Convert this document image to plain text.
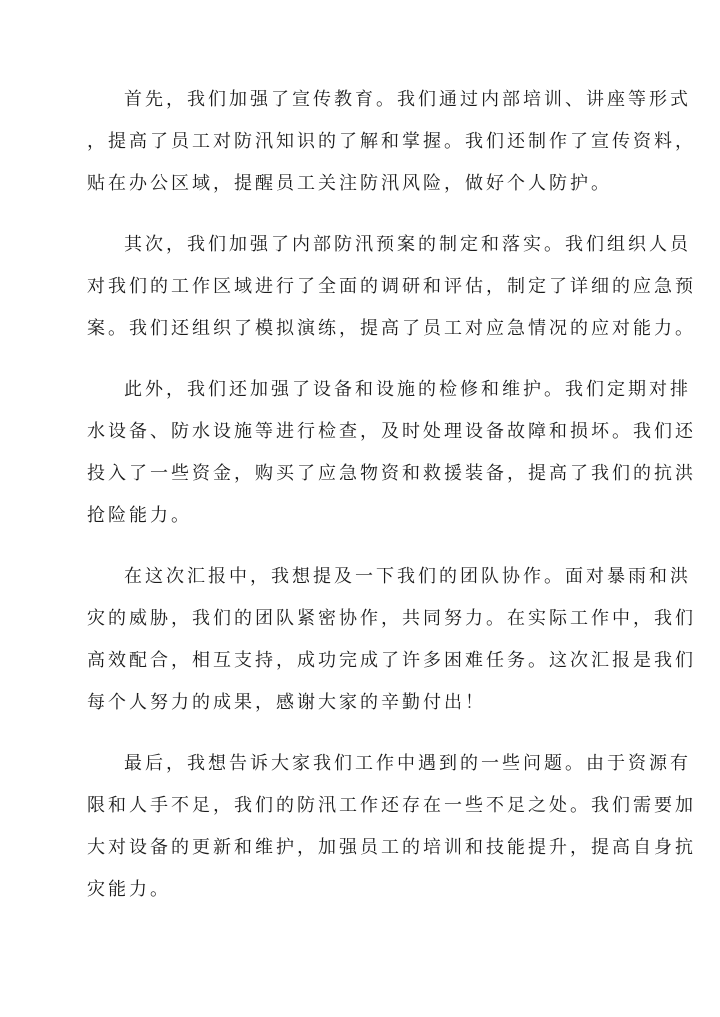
首先，我们加强了宣传教育。我们通过内部培训、讲座等形式
，提高了员工对防汛知识的了解和掌握。我们还制作了宣传资料，
贴在办公区域，提醒员工关注防汛风险，做好个人防护。
其次，我们加强了内部防汛预案的制定和落实。我们组织人员
对我们的工作区域进行了全面的调研和评估，制定了详细的应急预
案。我们还组织了模拟演练，提高了员工对应急情况的应对能力。
此外，我们还加强了设备和设施的检修和维护。我们定期对排
水设备、防水设施等进行检查，及时处理设备故障和损坏。我们还
投入了一些资金，购买了应急物资和救援装备，提高了我们的抗洪
抢险能力。
在这次汇报中，我想提及一下我们的团队协作。面对暴雨和洪
灾的威胁，我们的团队紧密协作，共同努力。在实际工作中，我们
高效配合，相互支持，成功完成了许多困难任务。这次汇报是我们
每个人努力的成果，感谢大家的辛勤付出！
最后，我想告诉大家我们工作中遇到的一些问题。由于资源有
限和人手不足，我们的防汛工作还存在一些不足之处。我们需要加
大对设备的更新和维护，加强员工的培训和技能提升，提高自身抗
灾能力。
